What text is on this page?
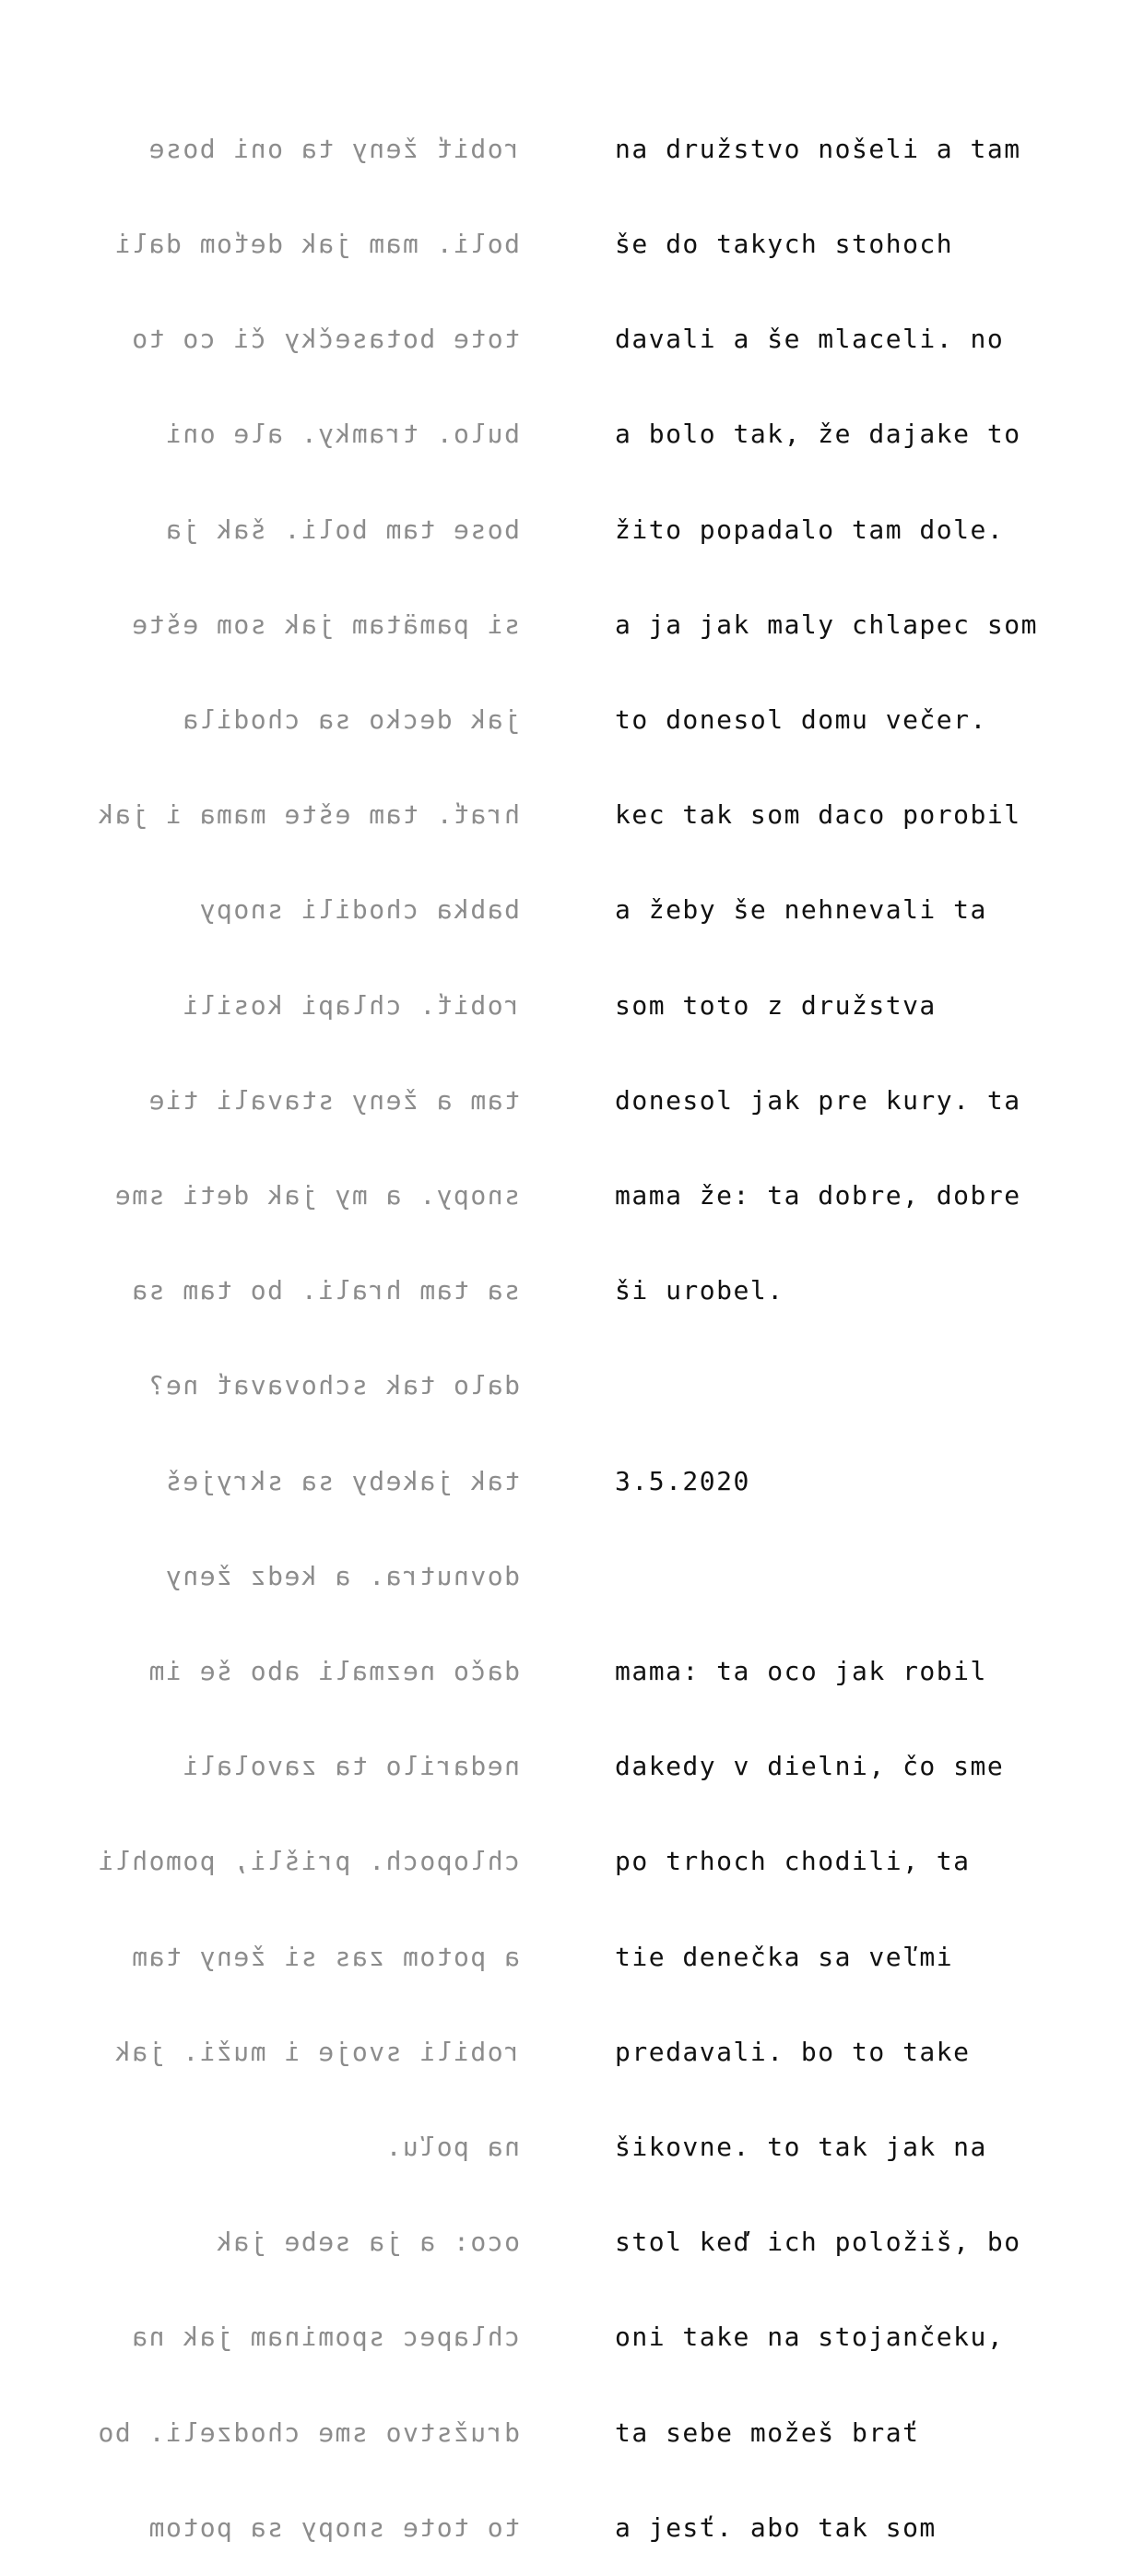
robiť ženy ta oni bose

boli. mam jak deťom dali

tote botasečky či co to

bulo. tramky. ale oni

bose tam boli. šak ja

si pamätam jak som ešte

jak decko sa chodila

hrať. tam ešte mama i jak

babka chodili snopy

robiť. chlapi kosili

tam a ženy stavali tie

snopy. a my jak deti sme

sa tam hrali. bo tam sa

dalo tak schovavať ne?

tak jakeby sa skryješ

dovnutra. a kedz ženy

dačo nezmali abo še im

nedarilo ta zavolali

chlopoch. prišli, pomohli

a potom zas si ženy tam

robili svoje i muži. jak

na poľu.

oco: a ja sebe jak

chlapec spominam jak na

družstvo sme chodzeli. bo

to tote snopy sa potom

na družstvo nošeli a tam

še do takych stohoch

davali a še mlaceli. no

a bolo tak, že dajake to

žito popadalo tam dole.

a ja jak maly chlapec som

to donesol domu večer.

kec tak som daco porobil

a žeby še nehnevali ta

som toto z družstva

donesol jak pre kury. ta

mama že: ta dobre, dobre

ši urobel.

3.5.2020

mama: ta oco jak robil

dakedy v dielni, čo sme

po trhoch chodili, ta

tie denečka sa veľmi

predavali. bo to take

šikovne. to tak jak na

stol keď ich položiš, bo

oni take na stojančeku,

ta sebe možeš brať

a jesť. abo tak som
